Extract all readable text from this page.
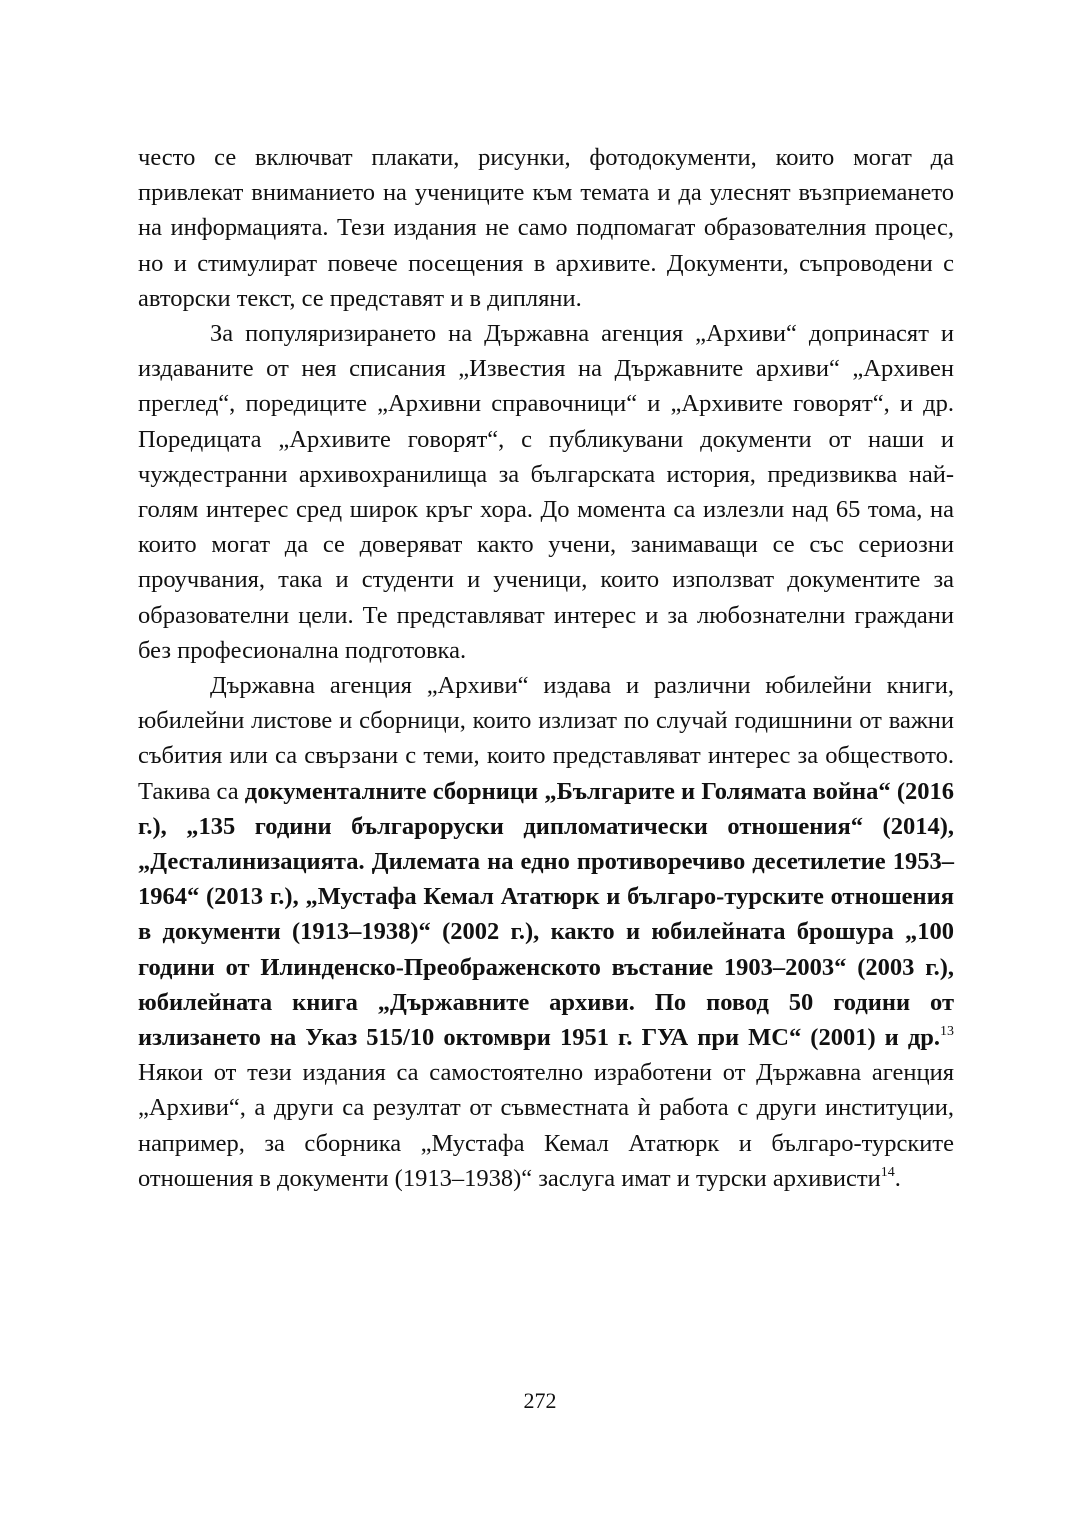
често се включват плакати, рисунки, фотодокументи, които могат да привлекат вниманието на учениците към темата и да улеснят възприемането на информацията. Тези издания не само подпомагат образователния процес, но и стимулират повече посещения в архивите. Документи, съпроводени с авторски текст, се представят и в дипляни.

За популяризирането на Държавна агенция „Архиви“ допринасят и издаваните от нея списания „Известия на Държавните архиви“ „Архивен преглед“, поредиците „Архивни справочници“ и „Архивите говорят“, и др. Поредицата „Архивите говорят“, с публикувани документи от наши и чуждестранни архивохранилища за българската история, предизвиква най-голям интерес сред широк кръг хора. До момента са излезли над 65 тома, на които могат да се доверяват както учени, занимаващи се със сериозни проучвания, така и студенти и ученици, които използват документите за образователни цели. Те представляват интерес и за любознателни граждани без професионална подготовка.

Държавна агенция „Архиви“ издава и различни юбилейни книги, юбилейни листове и сборници, които излизат по случай годишнини от важни събития или са свързани с теми, които представляват интерес за обществото. Такива са документалните сборници „Българите и Голямата война“ (2016 г.), „135 години българоруски дипломатически отношения“ (2014), „Десталинизацията. Дилемата на едно противоречиво десетилетие 1953–1964“ (2013 г.), „Мустафа Кемал Ататюрк и българо-турските отношения в документи (1913–1938)“ (2002 г.), както и юбилейната брошура „100 години от Илинденско-Преображенското въстание 1903–2003“ (2003 г.), юбилейната книга „Държавните архиви. По повод 50 години от излизането на Указ 515/10 октомври 1951 г. ГУА при МС“ (2001) и др.$^{13}$ Някои от тези издания са самостоятелно изработени от Държавна агенция „Архиви“, а други са резултат от съвместната ѝ работа с други институции, например, за сборника „Мустафа Кемал Ататюрк и българо-турските отношения в документи (1913–1938)“ заслуга имат и турски архивисти$^{14}$.

272
